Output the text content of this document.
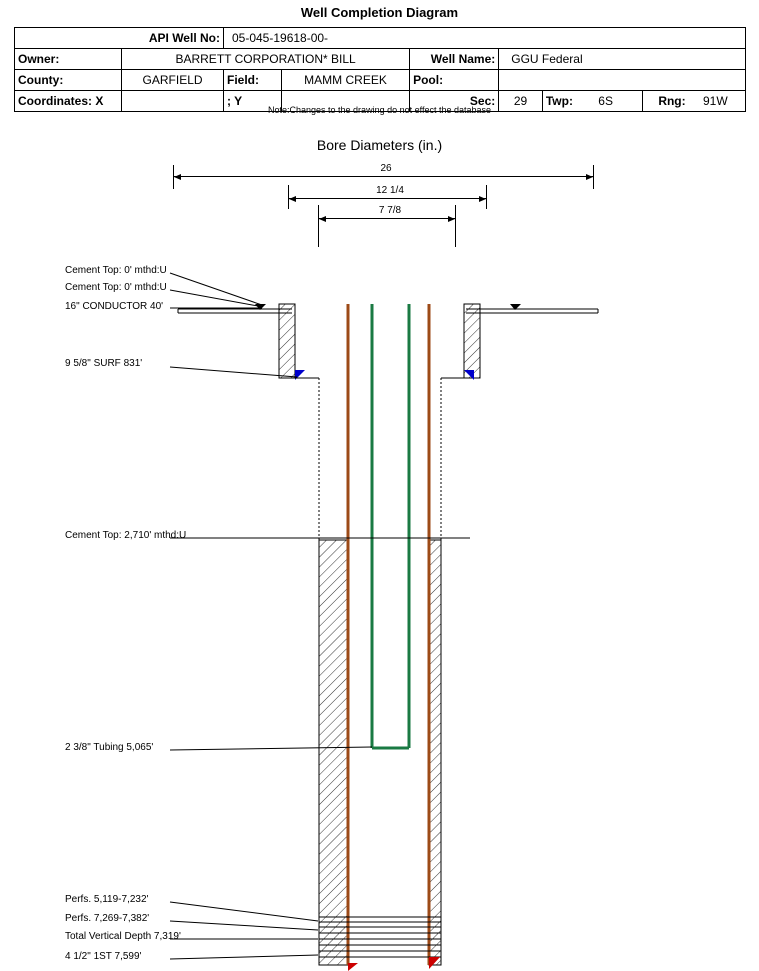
Well Completion Diagram
API Well No:		05-045-19618-00-					
Owner:	BARRETT CORPORATION* BILL			Well Name:	GGU Federal		
County:	GARFIELD	Field:	MAMM CREEK	Pool:			
Coordinates: X		; Y		Sec:	29	Twp: 6S	Rng: 91W
Note:Changes to the drawing do not effect the database
Bore Diameters (in.)
26
12 1/4
7 7/8
Cement Top: 0' mthd:U
Cement Top: 0' mthd:U
16" CONDUCTOR 40'
9 5/8" SURF 831'
Cement Top: 2,710' mthd:U
2 3/8" Tubing 5,065'
Perfs. 5,119-7,232'
Perfs. 7,269-7,382'
Total Vertical Depth 7,319'
4 1/2" 1ST 7,599'
